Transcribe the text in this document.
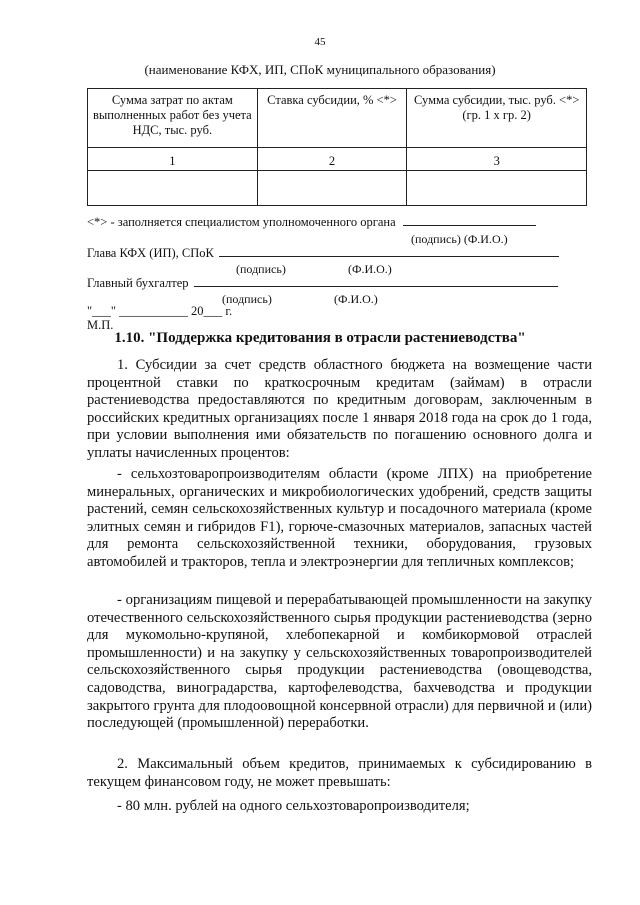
45
(наименование КФХ, ИП, СПоК муниципального образования)
Сумма затрат по актам выполненных работ без учета НДС, тыс. руб.	Ставка субсидии, % <*>	Сумма субсидии, тыс. руб. <*> (гр. 1 х гр. 2)
1	2	3

<*> - заполняется специалистом уполномоченного органа
(подпись) (Ф.И.О.)
Глава КФХ (ИП), СПоК
(подпись)	(Ф.И.О.)
Главный бухгалтер
(подпись)	(Ф.И.О.)
"___" ___________ 20___ г.
М.П.
1.10. "Поддержка кредитования в отрасли растениеводства"
1. Субсидии за счет средств областного бюджета на возмещение части процентной ставки по краткосрочным кредитам (займам) в отрасли растениеводства предоставляются по кредитным договорам, заключенным в российских кредитных организациях после 1 января 2018 года на срок до 1 года, при условии выполнения ими обязательств по погашению основного долга и уплаты начисленных процентов:
- сельхозтоваропроизводителям области (кроме ЛПХ) на приобретение минеральных, органических и микробиологических удобрений, средств защиты растений, семян сельскохозяйственных культур и посадочного материала (кроме элитных семян и гибридов F1), горюче-смазочных материалов, запасных частей для ремонта сельскохозяйственной техники, оборудования, грузовых автомобилей и тракторов, тепла и электроэнергии для тепличных комплексов;
- организациям пищевой и перерабатывающей промышленности на закупку отечественного сельскохозяйственного сырья продукции растениеводства (зерно для мукомольно-крупяной, хлебопекарной и комбикормовой отраслей промышленности) и на закупку у сельскохозяйственных товаропроизводителей сельскохозяйственного сырья продукции растениеводства (овощеводства, садоводства, виноградарства, картофелеводства, бахчеводства и продукции закрытого грунта для плодоовощной консервной отрасли) для первичной и (или) последующей (промышленной) переработки.
2. Максимальный объем кредитов, принимаемых к субсидированию в текущем финансовом году, не может превышать:
- 80 млн. рублей на одного сельхозтоваропроизводителя;
